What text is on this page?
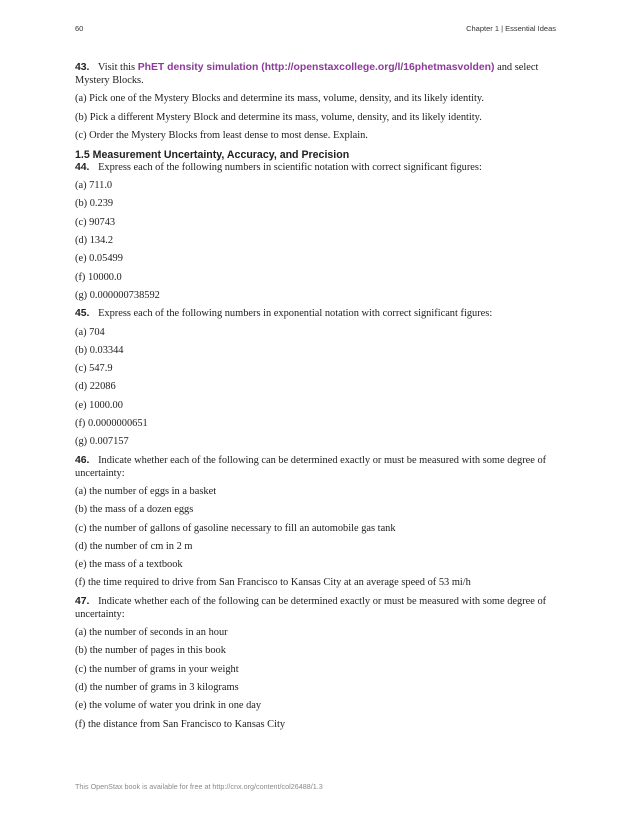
60	Chapter 1 | Essential Ideas

43. Visit this PhET density simulation (http://openstaxcollege.org/l/16phetmasvolden) and select Mystery Blocks.

(a) Pick one of the Mystery Blocks and determine its mass, volume, density, and its likely identity.

(b) Pick a different Mystery Block and determine its mass, volume, density, and its likely identity.

(c) Order the Mystery Blocks from least dense to most dense. Explain.

1.5 Measurement Uncertainty, Accuracy, and Precision

44. Express each of the following numbers in scientific notation with correct significant figures:

(a) 711.0

(b) 0.239

(c) 90743

(d) 134.2

(e) 0.05499

(f) 10000.0

(g) 0.000000738592

45. Express each of the following numbers in exponential notation with correct significant figures:

(a) 704

(b) 0.03344

(c) 547.9

(d) 22086

(e) 1000.00

(f) 0.0000000651

(g) 0.007157

46. Indicate whether each of the following can be determined exactly or must be measured with some degree of uncertainty:

(a) the number of eggs in a basket

(b) the mass of a dozen eggs

(c) the number of gallons of gasoline necessary to fill an automobile gas tank

(d) the number of cm in 2 m

(e) the mass of a textbook

(f) the time required to drive from San Francisco to Kansas City at an average speed of 53 mi/h

47. Indicate whether each of the following can be determined exactly or must be measured with some degree of uncertainty:

(a) the number of seconds in an hour

(b) the number of pages in this book

(c) the number of grams in your weight

(d) the number of grams in 3 kilograms

(e) the volume of water you drink in one day

(f) the distance from San Francisco to Kansas City

This OpenStax book is available for free at http://cnx.org/content/col26488/1.3
